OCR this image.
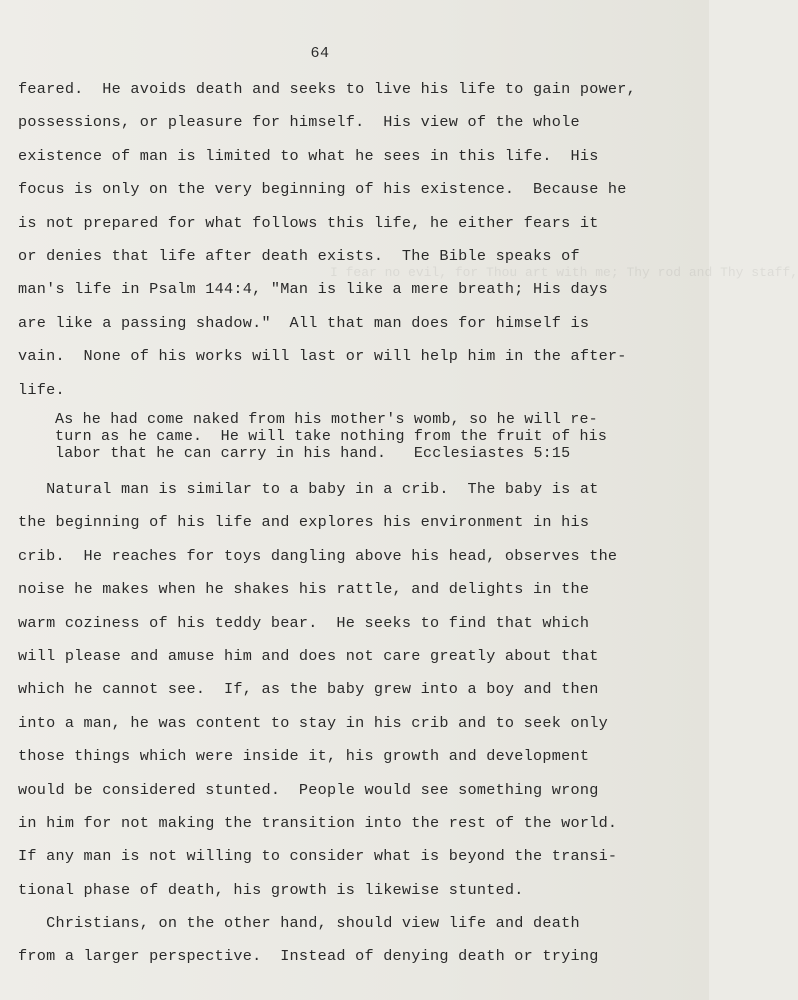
I fear no evil, for Thou art with me; Thy rod and Thy staff,
64
feared.  He avoids death and seeks to live his life to gain power,
possessions, or pleasure for himself.  His view of the whole
existence of man is limited to what he sees in this life.  His
focus is only on the very beginning of his existence.  Because he
is not prepared for what follows this life, he either fears it
or denies that life after death exists.  The Bible speaks of
man's life in Psalm 144:4, "Man is like a mere breath; His days
are like a passing shadow."  All that man does for himself is
vain.  None of his works will last or will help him in the after-
life.
As he had come naked from his mother's womb, so he will re-
turn as he came.  He will take nothing from the fruit of his
labor that he can carry in his hand.   Ecclesiastes 5:15
Natural man is similar to a baby in a crib.  The baby is at
the beginning of his life and explores his environment in his
crib.  He reaches for toys dangling above his head, observes the
noise he makes when he shakes his rattle, and delights in the
warm coziness of his teddy bear.  He seeks to find that which
will please and amuse him and does not care greatly about that
which he cannot see.  If, as the baby grew into a boy and then
into a man, he was content to stay in his crib and to seek only
those things which were inside it, his growth and development
would be considered stunted.  People would see something wrong
in him for not making the transition into the rest of the world.
If any man is not willing to consider what is beyond the transi-
tional phase of death, his growth is likewise stunted.
Christians, on the other hand, should view life and death
from a larger perspective.  Instead of denying death or trying
